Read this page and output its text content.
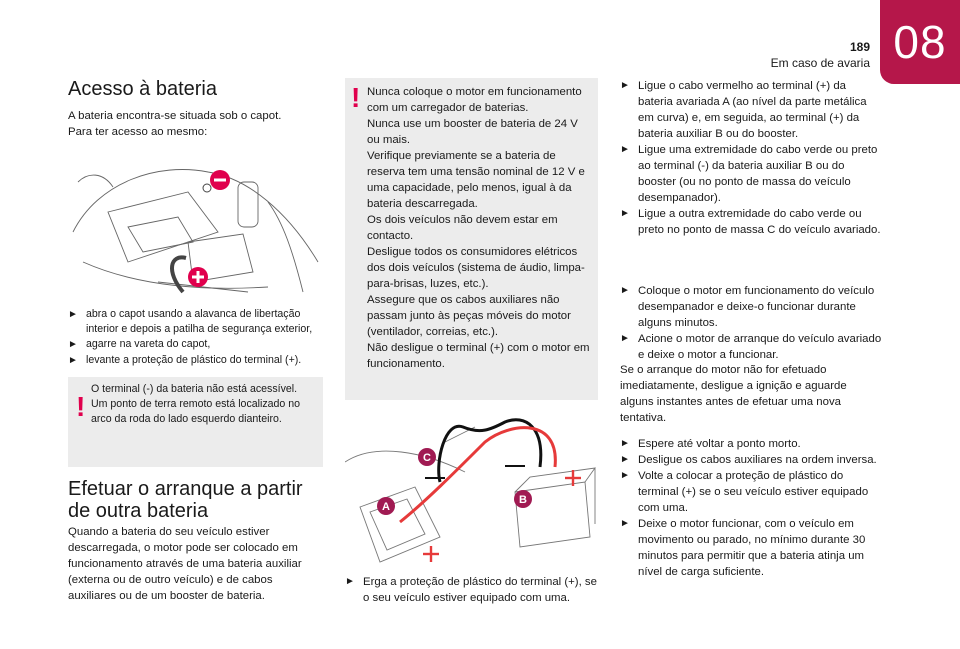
08
189
Em caso de avaria
Acesso à bateria
A bateria encontra-se situada sob o capot.
Para ter acesso ao mesmo:
► abra o capot usando a alavanca de libertação interior e depois a patilha de segurança exterior,
► agarre na vareta do capot,
► levante a proteção de plástico do terminal (+).
!
O terminal (-) da bateria não está acessível. Um ponto de terra remoto está localizado no arco da roda do lado esquerdo dianteiro.
Efetuar o arranque a partir de outra bateria
Quando a bateria do seu veículo estiver descarregada, o motor pode ser colocado em funcionamento através de uma bateria auxiliar (externa ou de outro veículo) e de cabos auxiliares ou de um booster de bateria.
! Nunca coloque o motor em funcionamento com um carregador de baterias.
Nunca use um booster de bateria de 24 V ou mais.
Verifique previamente se a bateria de reserva tem uma tensão nominal de 12 V e uma capacidade, pelo menos, igual à da bateria descarregada.
Os dois veículos não devem estar em contacto.
Desligue todos os consumidores elétricos dos dois veículos (sistema de áudio, limpa-para-brisas, luzes, etc.).
Assegure que os cabos auxiliares não passam junto às peças móveis do motor (ventilador, correias, etc.).
Não desligue o terminal (+) com o motor em funcionamento.
C
A
B
► Erga a proteção de plástico do terminal (+), se o seu veículo estiver equipado com uma.
► Ligue o cabo vermelho ao terminal (+) da bateria avariada A (ao nível da parte metálica em curva) e, em seguida, ao terminal (+) da bateria auxiliar B ou do booster.
► Ligue uma extremidade do cabo verde ou preto ao terminal (-) da bateria auxiliar B ou do booster (ou no ponto de massa do veículo desempanador).
► Ligue a outra extremidade do cabo verde ou preto no ponto de massa C do veículo avariado.
► Coloque o motor em funcionamento do veículo desempanador e deixe-o funcionar durante alguns minutos.
► Acione o motor de arranque do veículo avariado e deixe o motor a funcionar.
Se o arranque do motor não for efetuado imediatamente, desligue a ignição e aguarde alguns instantes antes de efetuar uma nova tentativa.
► Espere até voltar a ponto morto.
► Desligue os cabos auxiliares na ordem inversa.
► Volte a colocar a proteção de plástico do terminal (+) se o seu veículo estiver equipado com uma.
► Deixe o motor funcionar, com o veículo em movimento ou parado, no mínimo durante 30 minutos para permitir que a bateria atinja um nível de carga suficiente.
